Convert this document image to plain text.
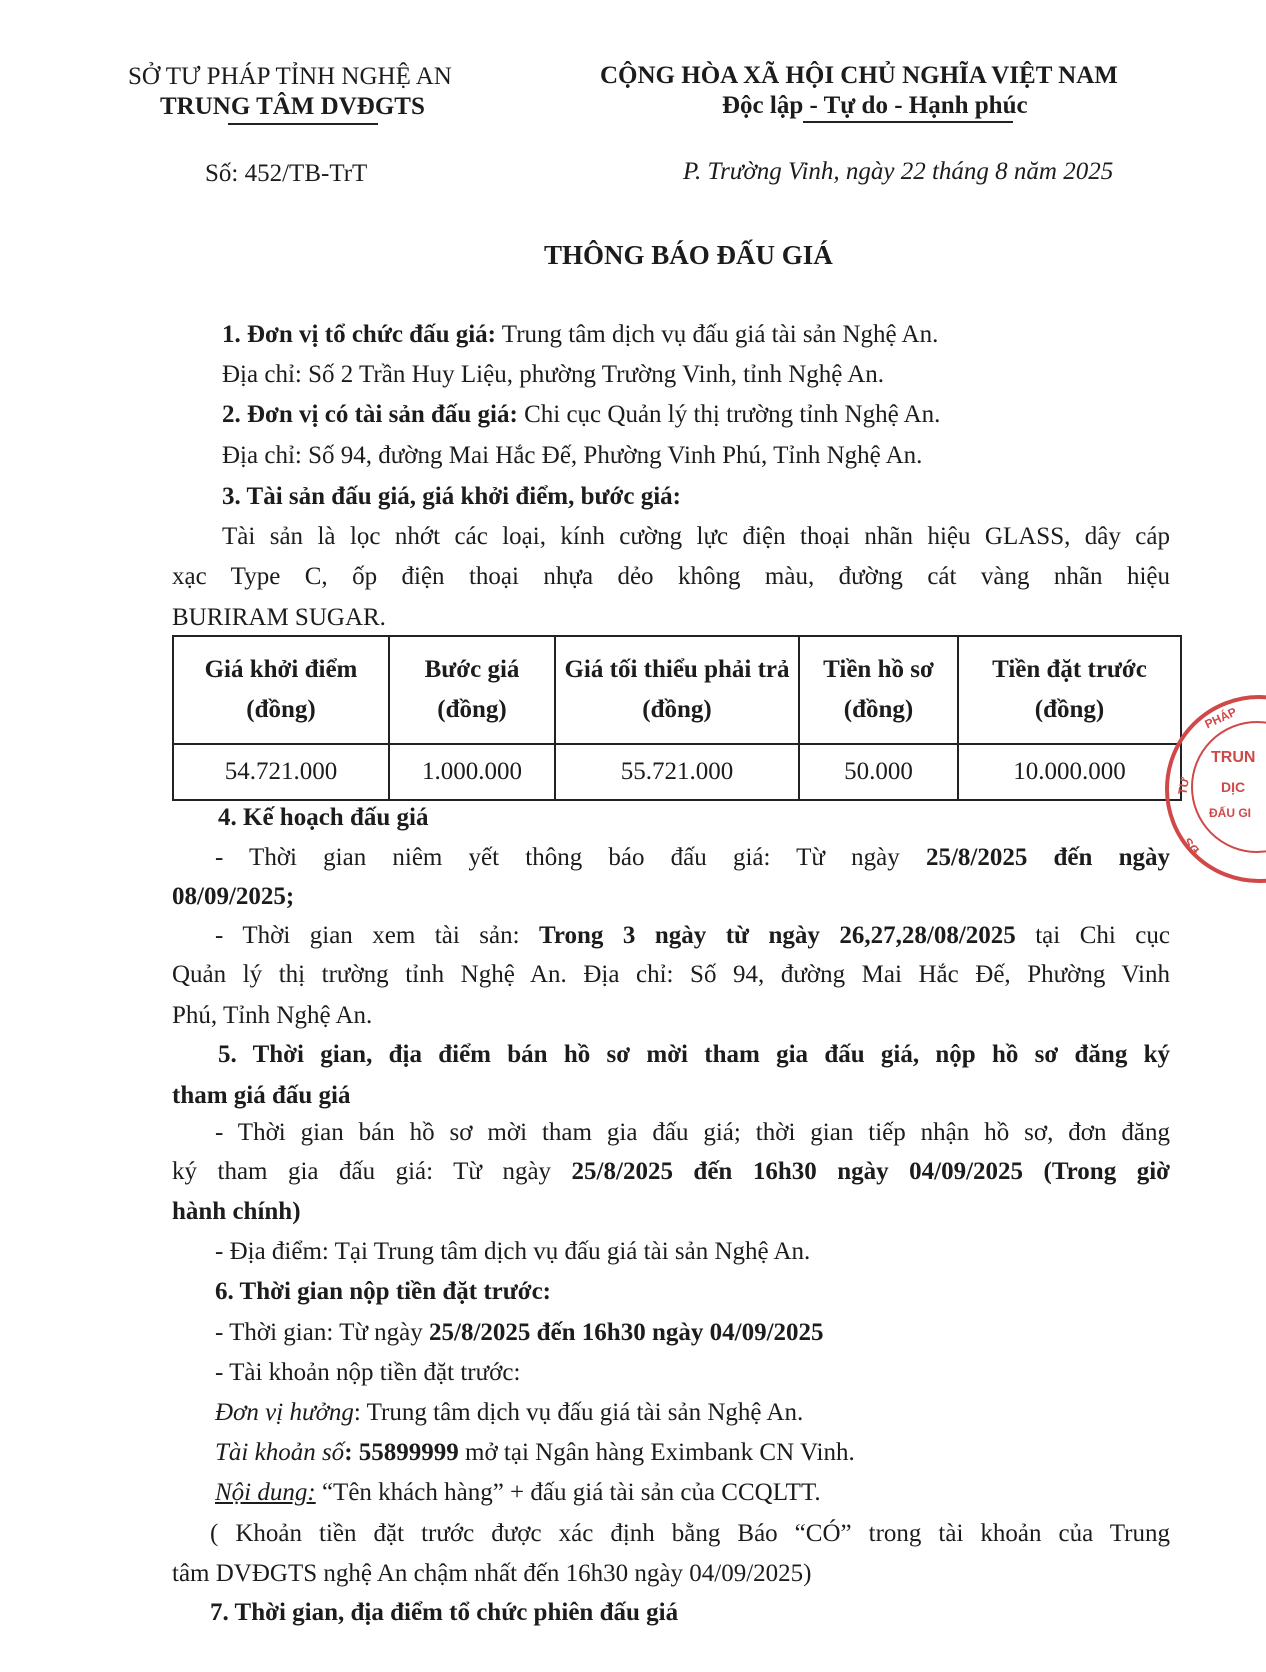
SỞ TƯ PHÁP TỈNH NGHỆ AN
TRUNG TÂM DVĐGTS
CỘNG HÒA XÃ HỘI CHỦ NGHĨA VIỆT NAM
Độc lập - Tự do - Hạnh phúc
Số: 452/TB-TrT	P. Trường Vinh, ngày 22 tháng 8 năm 2025
THÔNG BÁO ĐẤU GIÁ
1. Đơn vị tổ chức đấu giá: Trung tâm dịch vụ đấu giá tài sản Nghệ An.
Địa chỉ: Số 2 Trần Huy Liệu, phường Trường Vinh, tỉnh Nghệ An.
2. Đơn vị có tài sản đấu giá: Chi cục Quản lý thị trường tỉnh Nghệ An.
Địa chỉ: Số 94, đường Mai Hắc Đế, Phường Vinh Phú, Tỉnh Nghệ An.
3. Tài sản đấu giá, giá khởi điểm, bước giá:
Tài sản là lọc nhớt các loại, kính cường lực điện thoại nhãn hiệu GLASS, dây cáp
xạc Type C, ốp điện thoại nhựa dẻo không màu, đường cát vàng nhãn hiệu
BURIRAM SUGAR.
Giá khởi điểm (đồng)	Bước giá (đồng)	Giá tối thiểu phải trả (đồng)	Tiền hồ sơ (đồng)	Tiền đặt trước (đồng)
54.721.000	1.000.000	55.721.000	50.000	10.000.000
4. Kế hoạch đấu giá
- Thời gian niêm yết thông báo đấu giá: Từ ngày 25/8/2025 đến ngày
08/09/2025;
- Thời gian xem tài sản: Trong 3 ngày từ ngày 26,27,28/08/2025 tại Chi cục
Quản lý thị trường tỉnh Nghệ An. Địa chỉ: Số 94, đường Mai Hắc Đế, Phường Vinh
Phú, Tỉnh Nghệ An.
5. Thời gian, địa điểm bán hồ sơ mời tham gia đấu giá, nộp hồ sơ đăng ký
tham giá đấu giá
- Thời gian bán hồ sơ mời tham gia đấu giá; thời gian tiếp nhận hồ sơ, đơn đăng
ký tham gia đấu giá: Từ ngày 25/8/2025 đến 16h30 ngày 04/09/2025 (Trong giờ
hành chính)
- Địa điểm: Tại Trung tâm dịch vụ đấu giá tài sản Nghệ An.
6. Thời gian nộp tiền đặt trước:
- Thời gian: Từ ngày 25/8/2025 đến 16h30 ngày 04/09/2025
- Tài khoản nộp tiền đặt trước:
Đơn vị hưởng: Trung tâm dịch vụ đấu giá tài sản Nghệ An.
Tài khoản số: 55899999 mở tại Ngân hàng Eximbank CN Vinh.
Nội dung: “Tên khách hàng” + đấu giá tài sản của CCQLTT.
( Khoản tiền đặt trước được xác định bằng Báo “CÓ” trong tài khoản của Trung
tâm DVĐGTS nghệ An chậm nhất đến 16h30 ngày 04/09/2025)
7. Thời gian, địa điểm tổ chức phiên đấu giá
PHÁP
TƯ
ĐS
TRUN
DỊC
ĐẤU GI
